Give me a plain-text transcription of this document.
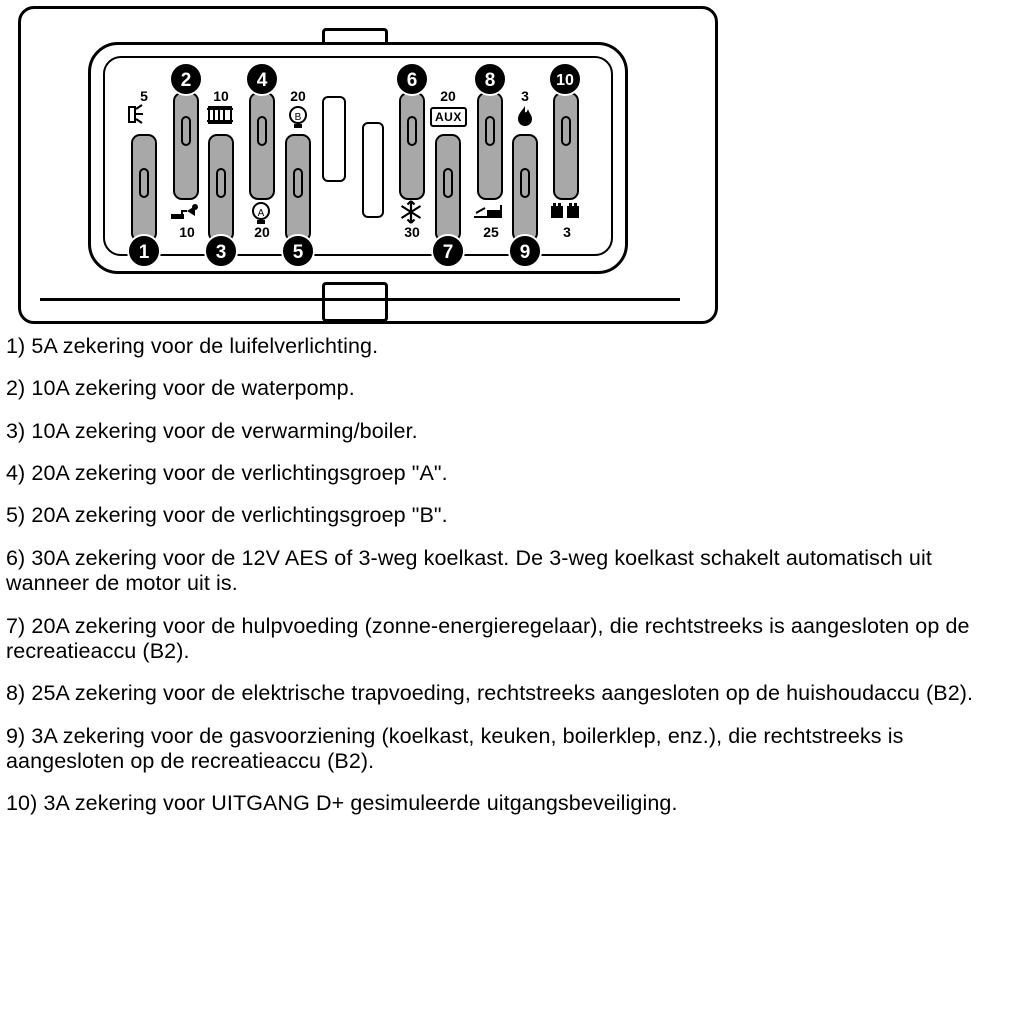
5
1
10
2
10
3
A
20
4
20
B
5
30
6
20
AUX
7
25
8
3
9
3
10
1) 5A zekering voor de luifelverlichting.
2) 10A zekering voor de waterpomp.
3) 10A zekering voor de verwarming/boiler.
4) 20A zekering voor de verlichtingsgroep "A".
5) 20A zekering voor de verlichtingsgroep "B".
6) 30A zekering voor de 12V AES of 3-weg koelkast. De 3-weg koelkast schakelt automatisch uit wanneer de motor uit is.
7) 20A zekering voor de hulpvoeding (zonne-energieregelaar), die rechtstreeks is aangesloten op de recreatieaccu (B2).
8) 25A zekering voor de elektrische trapvoeding, rechtstreeks aangesloten op de huishoudaccu (B2).
9) 3A zekering voor de gasvoorziening (koelkast, keuken, boilerklep, enz.), die rechtstreeks is aangesloten op de recreatieaccu (B2).
10) 3A zekering voor UITGANG D+ gesimuleerde uitgangsbeveiliging.
